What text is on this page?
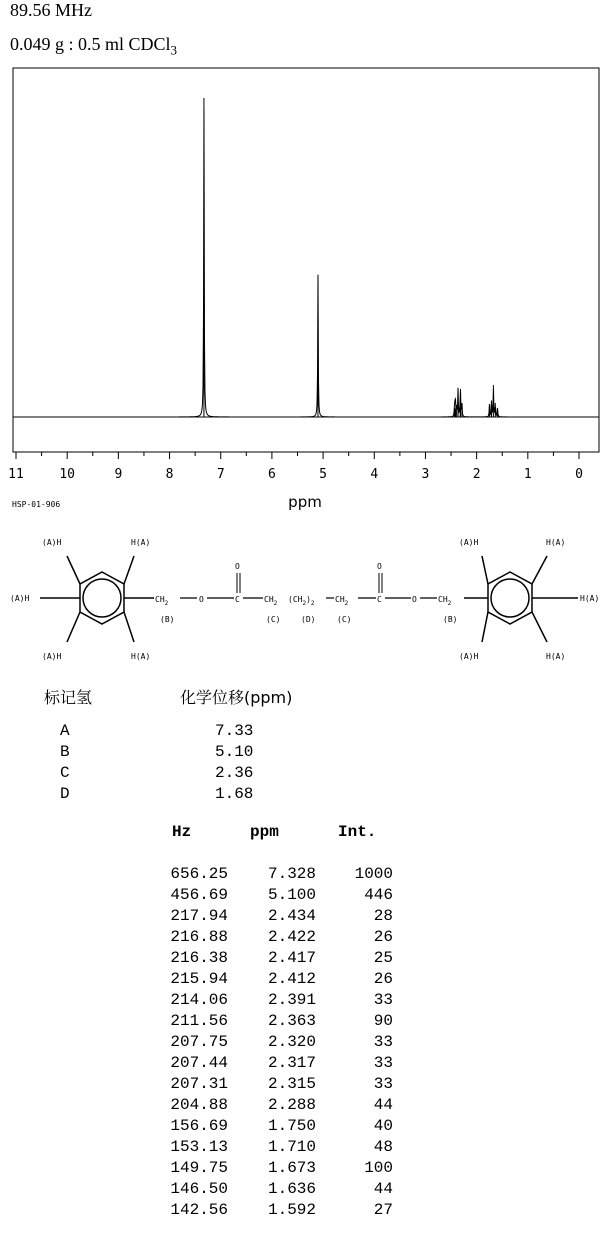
89.56 MHz
0.049 g : 0.5 ml CDCl$_3$
11	10	9	8	7	6	5	4	3	2	1	0
ppm
HSP-01-906
(A)H	H(A)
(A)H
(A)H	H(A)
$CH_2$
(B)
O	C
O
$CH_2$
(C)
$(CH_2)_2$
(D)
$CH_2$
(C)
C
O
O	$CH_2$
(B)
(A)H	H(A)
H(A)
(A)H	H(A)
标记氢	化学位移(ppm)
A	7.33
B	5.10
C	2.36
D	1.68
Hz	ppm	Int.
656.25 7.328 1000
456.69 5.100	446
217.94 2.434	28
216.88 2.422	26
216.38 2.417	25
215.94 2.412	26
214.06 2.391	33
211.56 2.363	90
207.75 2.320	33
207.44 2.317	33
207.31 2.315	33
204.88 2.288	44
156.69 1.750	40
153.13 1.710	48
149.75 1.673	100
146.50 1.636	44
142.56 1.592	27
